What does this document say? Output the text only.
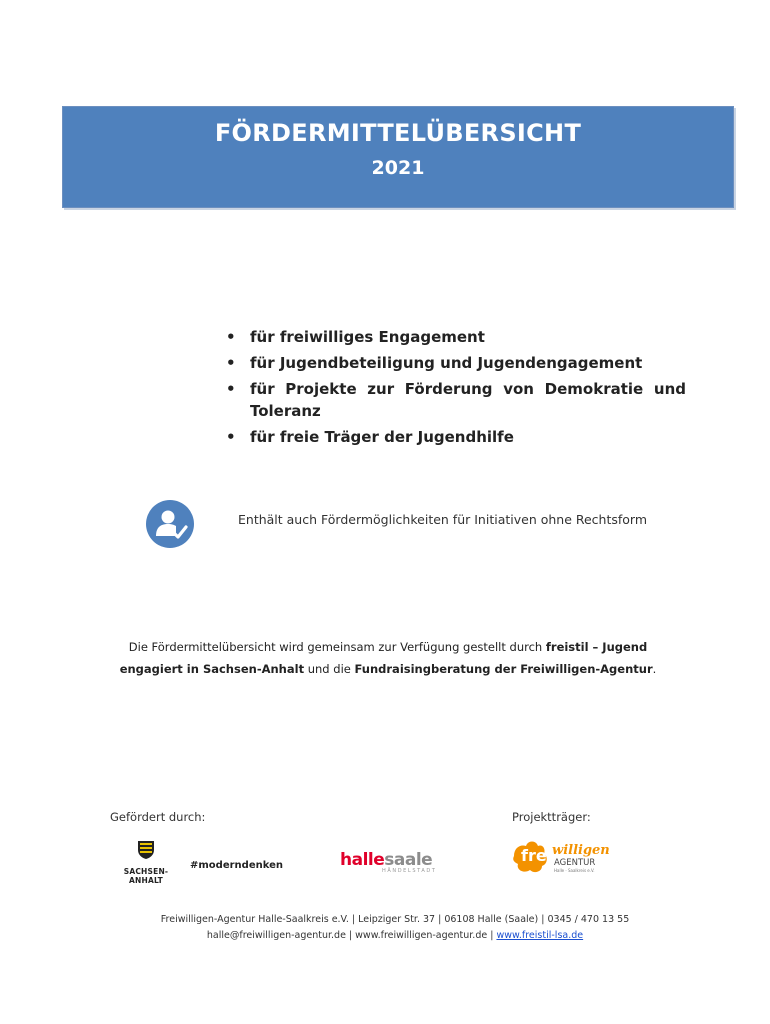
FÖRDERMITTELÜBERSICHT
2021
• für freiwilliges Engagement
• für Jugendbeteiligung und Jugendengagement
• für Projekte zur Förderung von Demokratie und Toleranz
• für freie Träger der Jugendhilfe
Enthält auch Fördermöglichkeiten für Initiativen ohne Rechtsform
Die Fördermittelübersicht wird gemeinsam zur Verfügung gestellt durch freistil – Jugend engagiert in Sachsen-Anhalt und die Fundraisingberatung der Freiwilligen-Agentur.
Gefördert durch:	Projektträger:
SACHSEN-ANHALT
#moderndenken	hallesaale
HÄNDELSTADT
frei willigen
AGENTUR
Halle · Saalkreis e.V.
Freiwilligen-Agentur Halle-Saalkreis e.V. | Leipziger Str. 37 | 06108 Halle (Saale) | 0345 / 470 13 55
halle@freiwilligen-agentur.de | www.freiwilligen-agentur.de | www.freistil-lsa.de
